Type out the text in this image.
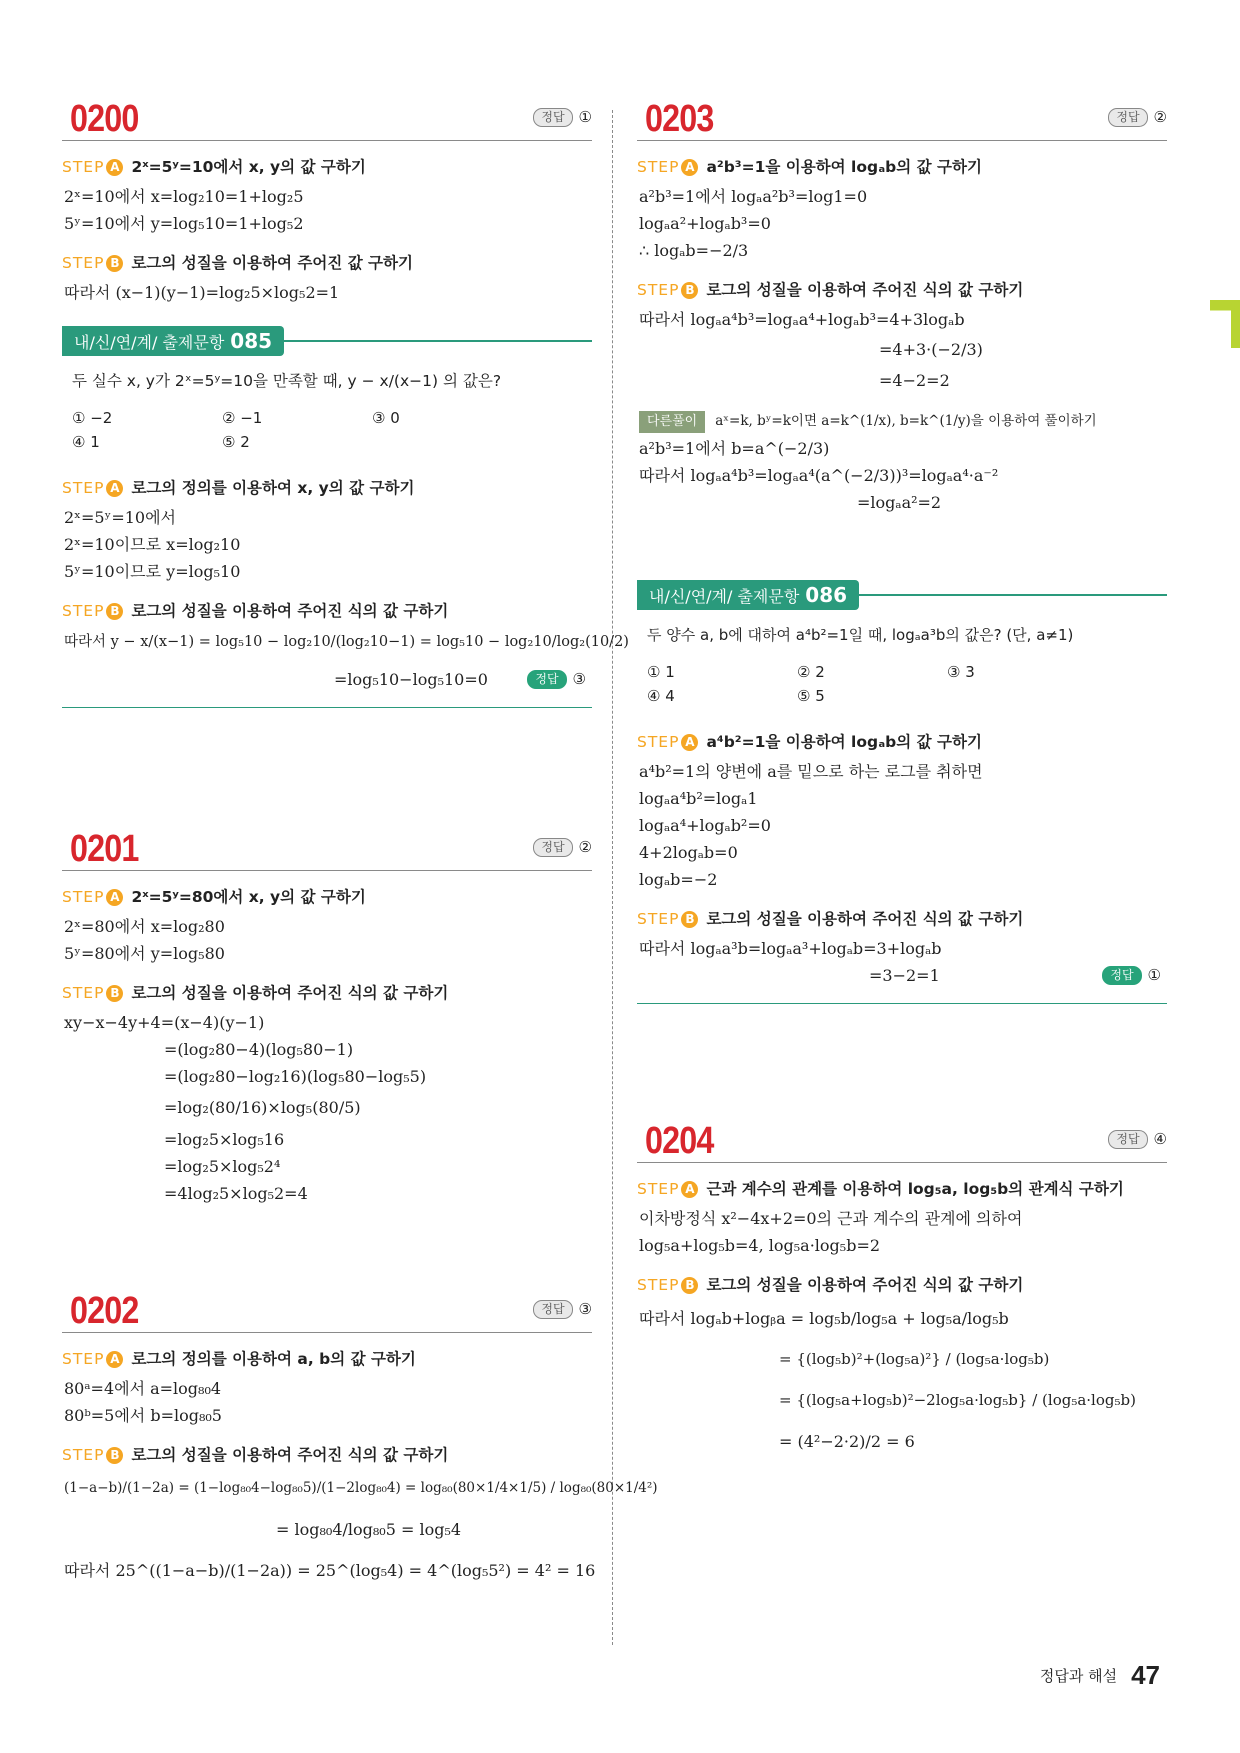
0200	정답 ①
STEP A 2ˣ=5ʸ=10에서 x, y의 값 구하기
2ˣ=10에서 x=log₂10=1+log₂5
5ʸ=10에서 y=log₅10=1+log₅2
STEP B 로그의 성질을 이용하여 주어진 값 구하기
따라서 (x−1)(y−1)=log₂5×log₅2=1
내/신/연/계/ 출제문항 085
두 실수 x, y가 2ˣ=5ʸ=10을 만족할 때, y − x/(x−1) 의 값은?
① −2	② −1	③ 0
④ 1	⑤ 2
STEP A 로그의 정의를 이용하여 x, y의 값 구하기
2ˣ=5ʸ=10에서
2ˣ=10이므로 x=log₂10
5ʸ=10이므로 y=log₅10
STEP B 로그의 성질을 이용하여 주어진 식의 값 구하기
따라서 y − x/(x−1) = log₅10 − log₂10/(log₂10−1) = log₅10 − log₂10/log₂(10/2)
=log₅10−log₅10=0	정답 ③
0201	정답 ②
STEP A 2ˣ=5ʸ=80에서 x, y의 값 구하기
2ˣ=80에서 x=log₂80
5ʸ=80에서 y=log₅80
STEP B 로그의 성질을 이용하여 주어진 식의 값 구하기
xy−x−4y+4=(x−4)(y−1)
=(log₂80−4)(log₅80−1)
=(log₂80−log₂16)(log₅80−log₅5)
=log₂(80/16)×log₅(80/5)
=log₂5×log₅16
=log₂5×log₅2⁴
=4log₂5×log₅2=4
0202	정답 ③
STEP A 로그의 정의를 이용하여 a, b의 값 구하기
80ᵃ=4에서 a=log₈₀4
80ᵇ=5에서 b=log₈₀5
STEP B 로그의 성질을 이용하여 주어진 식의 값 구하기
(1−a−b)/(1−2a) = (1−log₈₀4−log₈₀5)/(1−2log₈₀4) = log₈₀(80×1/4×1/5) / log₈₀(80×1/4²)
= log₈₀4/log₈₀5 = log₅4
따라서 25^((1−a−b)/(1−2a)) = 25^(log₅4) = 4^(log₅5²) = 4² = 16
0203	정답 ②
STEP A a²b³=1을 이용하여 logₐb의 값 구하기
a²b³=1에서 logₐa²b³=log1=0
logₐa²+logₐb³=0
∴ logₐb=−2/3
STEP B 로그의 성질을 이용하여 주어진 식의 값 구하기
따라서 logₐa⁴b³=logₐa⁴+logₐb³=4+3logₐb
=4+3·(−2/3)
=4−2=2
다른풀이 aˣ=k, bʸ=k이면 a=k^(1/x), b=k^(1/y)을 이용하여 풀이하기
a²b³=1에서 b=a^(−2/3)
따라서 logₐa⁴b³=logₐa⁴(a^(−2/3))³=logₐa⁴·a⁻²
=logₐa²=2
내/신/연/계/ 출제문항 086
두 양수 a, b에 대하여 a⁴b²=1일 때, logₐa³b의 값은? (단, a≠1)
① 1	② 2	③ 3
④ 4	⑤ 5
STEP A a⁴b²=1을 이용하여 logₐb의 값 구하기
a⁴b²=1의 양변에 a를 밑으로 하는 로그를 취하면
logₐa⁴b²=logₐ1
logₐa⁴+logₐb²=0
4+2logₐb=0
logₐb=−2
STEP B 로그의 성질을 이용하여 주어진 식의 값 구하기
따라서 logₐa³b=logₐa³+logₐb=3+logₐb
=3−2=1	정답 ①
0204	정답 ④
STEP A 근과 계수의 관계를 이용하여 log₅a, log₅b의 관계식 구하기
이차방정식 x²−4x+2=0의 근과 계수의 관계에 의하여
log₅a+log₅b=4, log₅a·log₅b=2
STEP B 로그의 성질을 이용하여 주어진 식의 값 구하기
따라서 logₐb+logᵦa = log₅b/log₅a + log₅a/log₅b
= {(log₅b)²+(log₅a)²} / (log₅a·log₅b)
= {(log₅a+log₅b)²−2log₅a·log₅b} / (log₅a·log₅b)
= (4²−2·2)/2 = 6
정답과 해설 47
